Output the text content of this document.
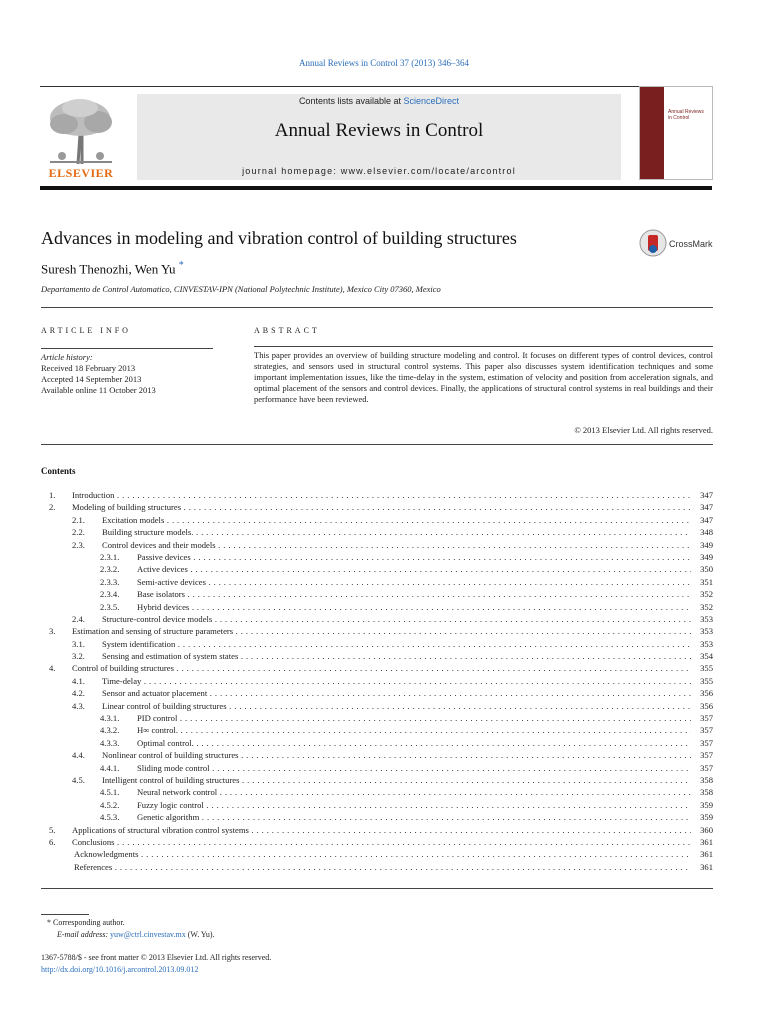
Annual Reviews in Control 37 (2013) 346–364
ELSEVIER
Contents lists available at ScienceDirect
Annual Reviews in Control
journal homepage: www.elsevier.com/locate/arcontrol
Annual Reviews in Control
Advances in modeling and vibration control of building structures	CrossMark
Suresh Thenozhi, Wen Yu *
Departamento de Control Automatico, CINVESTAV-IPN (National Polytechnic Institute), Mexico City 07360, Mexico
ARTICLE INFO
Article history:
Received 18 February 2013
Accepted 14 September 2013
Available online 11 October 2013
ABSTRACT
This paper provides an overview of building structure modeling and control. It focuses on different types of control devices, control strategies, and sensors used in structural control systems. This paper also discusses system identification techniques and some important implementation issues, like the time-delay in the system, estimation of velocity and position from acceleration signals, and optimal placement of the sensors and control devices. Finally, the applications of structural control systems in real buildings and their performance have been reviewed.
© 2013 Elsevier Ltd. All rights reserved.
Contents
1. Introduction . . .	347
2. Modeling of building structures . . .	347
2.1. Excitation models . . .	347
2.2. Building structure models. . . .	348
2.3. Control devices and their models . . .	349
2.3.1. Passive devices . . .	349
2.3.2. Active devices . . .	350
2.3.3. Semi-active devices . . .	351
2.3.4. Base isolators . . .	352
2.3.5. Hybrid devices . . .	352
2.4. Structure-control device models . . .	353
3. Estimation and sensing of structure parameters . . .	353
3.1. System identification . . .	353
3.2. Sensing and estimation of system states . . .	354
4. Control of building structures . . .	355
4.1. Time-delay . . .	355
4.2. Sensor and actuator placement . . .	356
4.3. Linear control of building structures . . .	356
4.3.1. PID control . . .	357
4.3.2. H∞ control. . . .	357
4.3.3. Optimal control. . . .	357
4.4. Nonlinear control of building structures . . .	357
4.4.1. Sliding mode control . . .	357
4.5. Intelligent control of building structures . . .	358
4.5.1. Neural network control . . .	358
4.5.2. Fuzzy logic control . . .	359
4.5.3. Genetic algorithm . . .	359
5. Applications of structural vibration control systems . . .	360
6. Conclusions . . .	361
Acknowledgments . . .	361
References . . .	361
* Corresponding author.
E-mail address: yuw@ctrl.cinvestav.mx (W. Yu).
1367-5788/$ - see front matter © 2013 Elsevier Ltd. All rights reserved.
http://dx.doi.org/10.1016/j.arcontrol.2013.09.012
